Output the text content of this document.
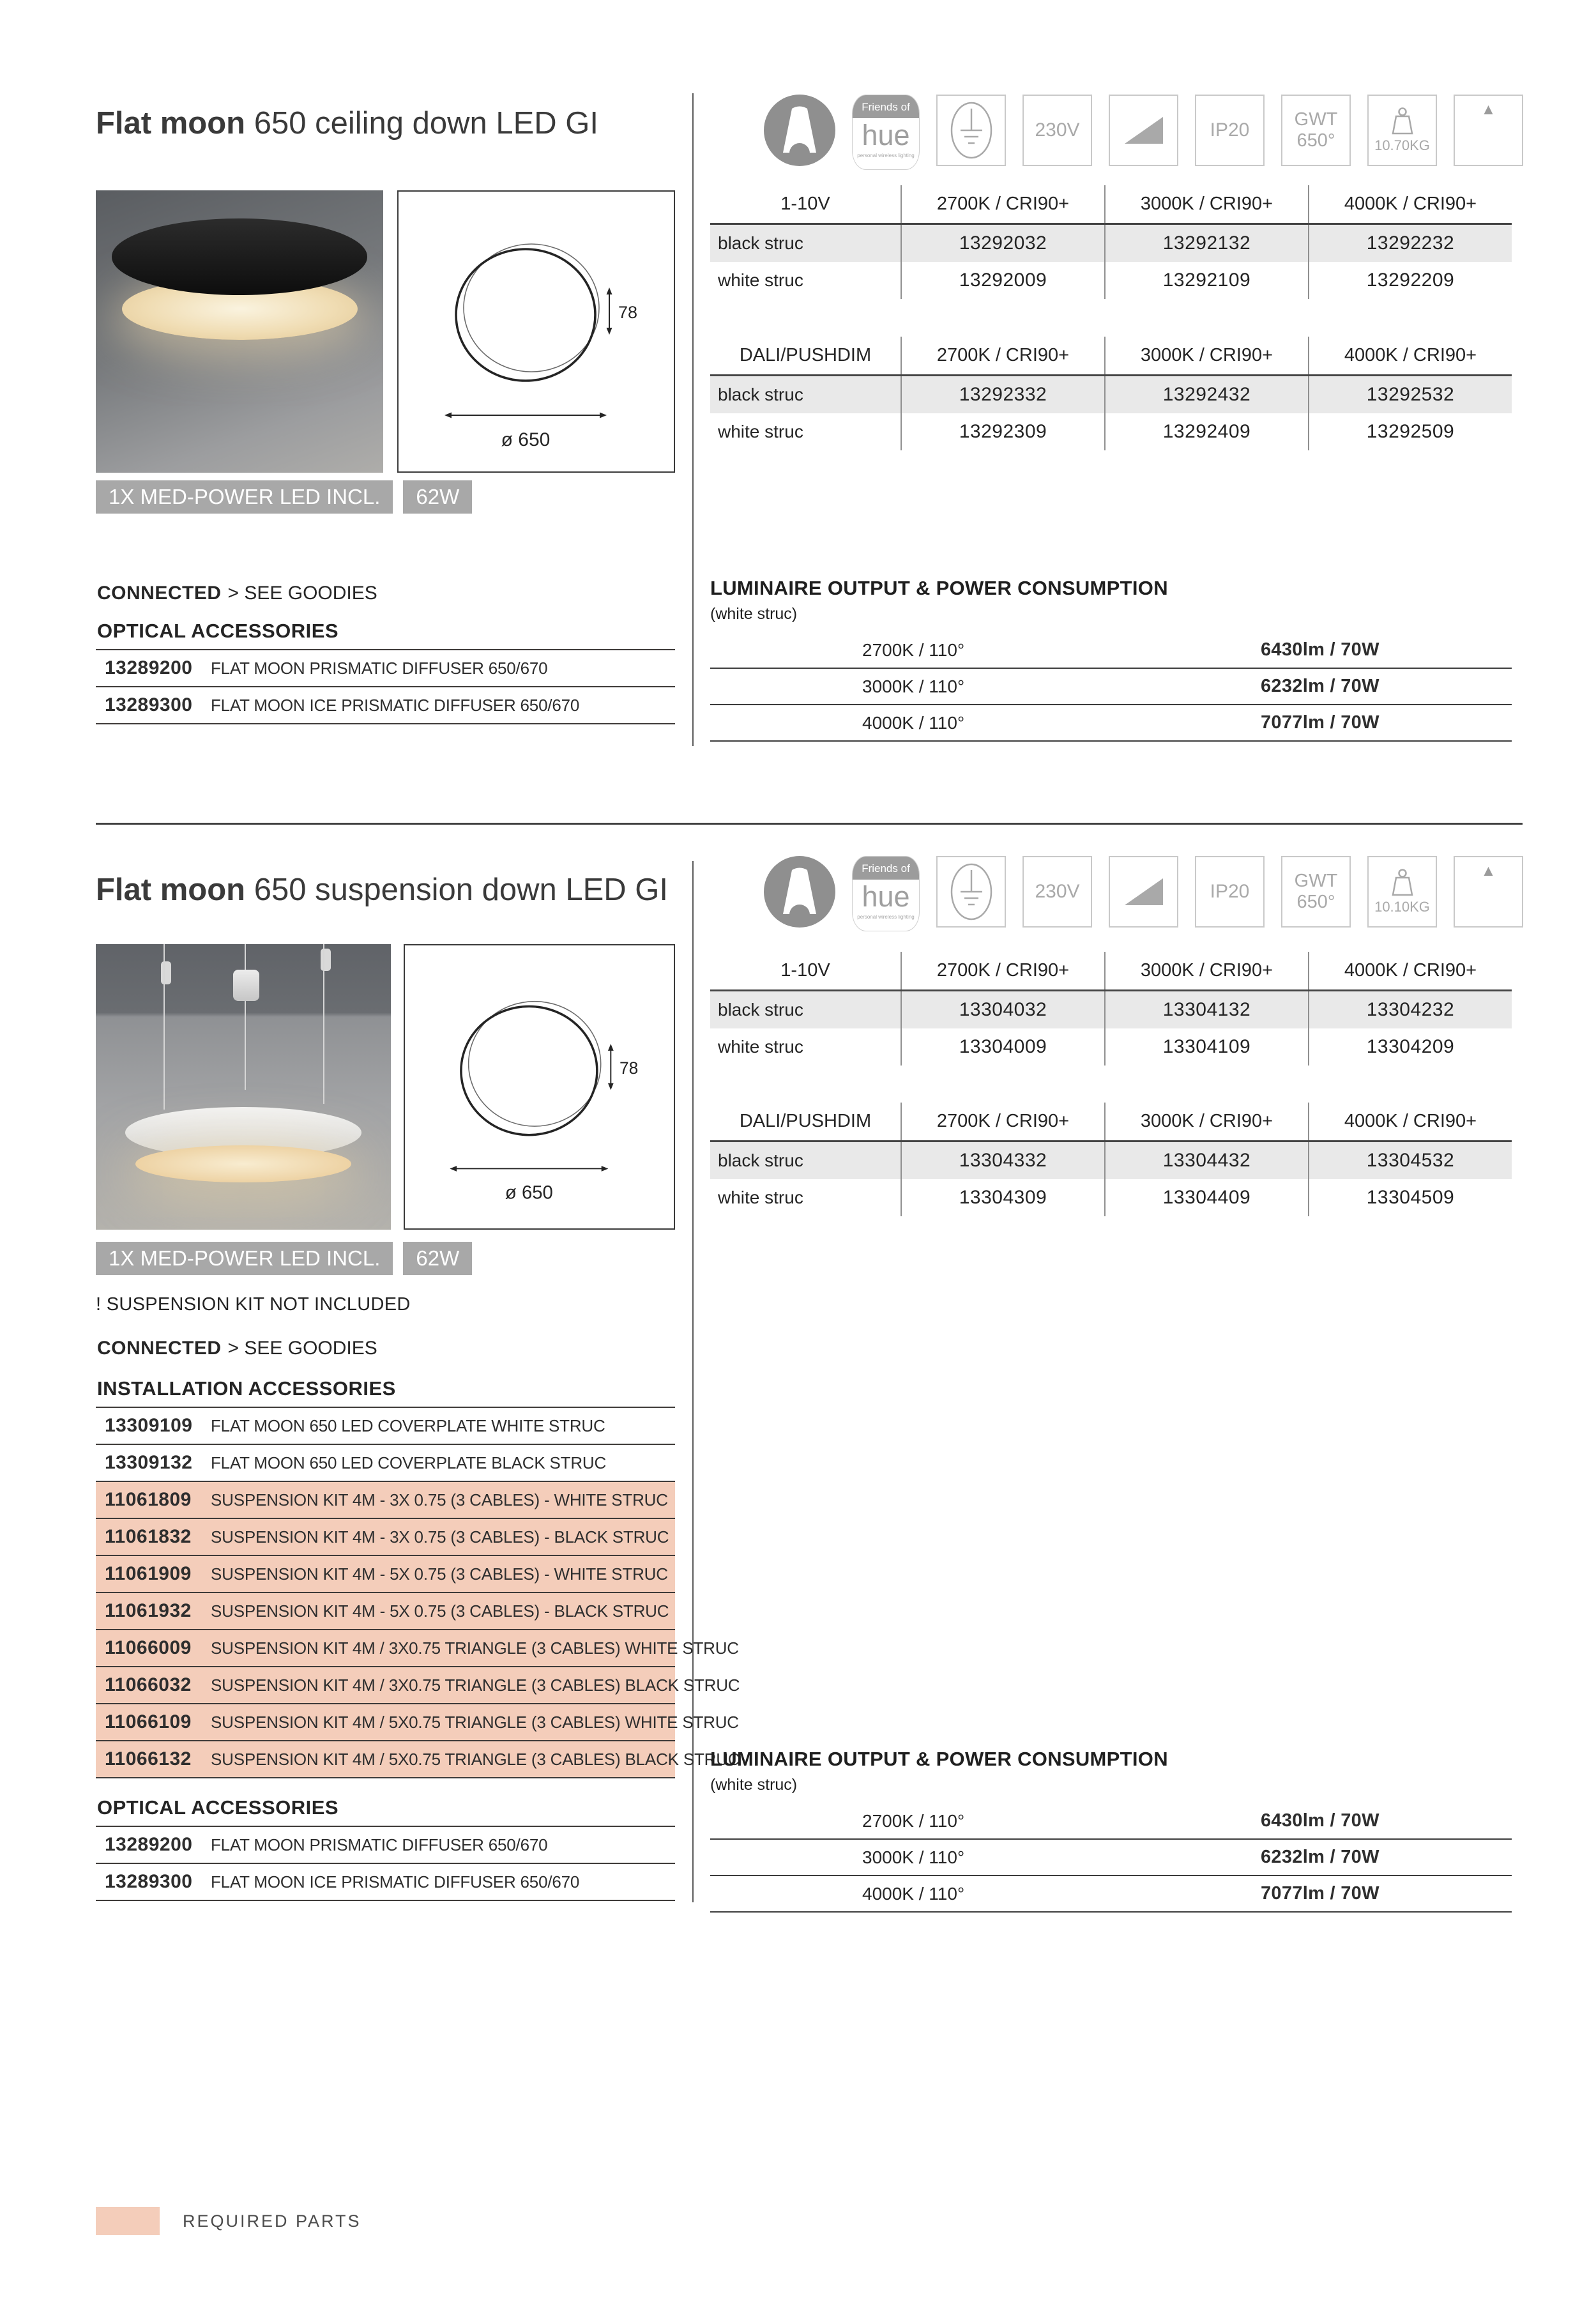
Flat moon 650 ceiling down LED GI
78
ø 650
1X MED-POWER LED INCL.	62W
CONNECTED > SEE GOODIES
OPTICAL ACCESSORIES
13289200	FLAT MOON PRISMATIC DIFFUSER 650/670
13289300	FLAT MOON ICE PRISMATIC DIFFUSER 650/670
Friends of
hue
personal wireless lighting
230V	IP20
GWT
650°	10.70KG
▲
1-10V	2700K / CRI90+	3000K / CRI90+	4000K / CRI90+
black struc	13292032	13292132	13292232
white struc	13292009	13292109	13292209
DALI/PUSHDIM	2700K / CRI90+	3000K / CRI90+	4000K / CRI90+
black struc	13292332	13292432	13292532
white struc	13292309	13292409	13292509
LUMINAIRE OUTPUT & POWER CONSUMPTION
(white struc)
2700K / 110°	6430lm / 70W
3000K / 110°	6232lm / 70W
4000K / 110°	7077lm / 70W
Flat moon 650 suspension down LED GI
78
ø 650
Friends of
hue
personal wireless lighting
230V	IP20
GWT
650°	10.10KG
▲
1-10V	2700K / CRI90+	3000K / CRI90+	4000K / CRI90+
black struc	13304032	13304132	13304232
white struc	13304009	13304109	13304209
DALI/PUSHDIM	2700K / CRI90+	3000K / CRI90+	4000K / CRI90+
black struc	13304332	13304432	13304532
white struc	13304309	13304409	13304509
1X MED-POWER LED INCL.	62W
! SUSPENSION KIT NOT INCLUDED
CONNECTED > SEE GOODIES
INSTALLATION ACCESSORIES
13309109	FLAT MOON 650 LED COVERPLATE WHITE STRUC
13309132	FLAT MOON 650 LED COVERPLATE BLACK STRUC
11061809	SUSPENSION KIT 4M - 3X 0.75 (3 CABLES) - WHITE STRUC
11061832	SUSPENSION KIT 4M - 3X 0.75 (3 CABLES) - BLACK STRUC
11061909	SUSPENSION KIT 4M - 5X 0.75 (3 CABLES) - WHITE STRUC
11061932	SUSPENSION KIT 4M - 5X 0.75 (3 CABLES) - BLACK STRUC
11066009	SUSPENSION KIT 4M / 3X0.75 TRIANGLE (3 CABLES) WHITE STRUC
11066032	SUSPENSION KIT 4M / 3X0.75 TRIANGLE (3 CABLES) BLACK STRUC
11066109	SUSPENSION KIT 4M / 5X0.75 TRIANGLE (3 CABLES) WHITE STRUC
11066132	SUSPENSION KIT 4M / 5X0.75 TRIANGLE (3 CABLES) BLACK STRUC
OPTICAL ACCESSORIES
13289200	FLAT MOON PRISMATIC DIFFUSER 650/670
13289300	FLAT MOON ICE PRISMATIC DIFFUSER 650/670
LUMINAIRE OUTPUT & POWER CONSUMPTION
(white struc)
2700K / 110°	6430lm / 70W
3000K / 110°	6232lm / 70W
4000K / 110°	7077lm / 70W
REQUIRED PARTS
